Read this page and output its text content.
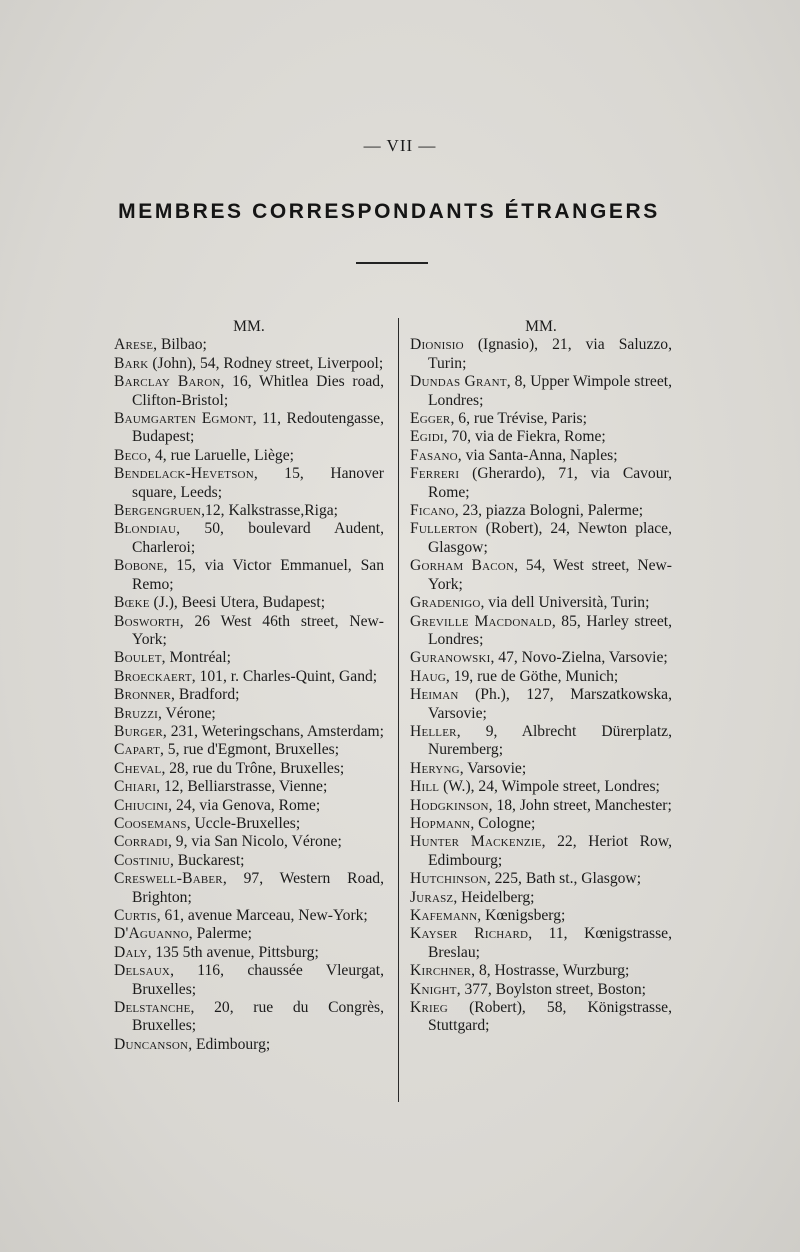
— VII —
MEMBRES CORRESPONDANTS ÉTRANGERS

MM.

Arese, Bilbao;

Bark (John), 54, Rodney street, Liverpool;

Barclay Baron, 16, Whitlea Dies road, Clifton-Bristol;

Baumgarten Egmont, 11, Redoutengasse, Budapest;

Beco, 4, rue Laruelle, Liège;

Bendelack-Hevetson, 15, Hanover square, Leeds;

Bergengruen,12, Kalkstrasse,Riga;

Blondiau, 50, boulevard Audent, Charleroi;

Bobone, 15, via Victor Emmanuel, San Remo;

Bœke (J.), Beesi Utera, Budapest;

Bosworth, 26 West 46th street, New-York;

Boulet, Montréal;

Broeckaert, 101, r. Charles-Quint, Gand;

Bronner, Bradford;

Bruzzi, Vérone;

Burger, 231, Weteringschans, Amsterdam;

Capart, 5, rue d'Egmont, Bruxelles;

Cheval, 28, rue du Trône, Bruxelles;

Chiari, 12, Belliarstrasse, Vienne;

Chiucini, 24, via Genova, Rome;

Coosemans, Uccle-Bruxelles;

Corradi, 9, via San Nicolo, Vérone;

Costiniu, Buckarest;

Creswell-Baber, 97, Western Road, Brighton;

Curtis, 61, avenue Marceau, New-York;

D'Aguanno, Palerme;

Daly, 135 5th avenue, Pittsburg;

Delsaux, 116, chaussée Vleurgat, Bruxelles;

Delstanche, 20, rue du Congrès, Bruxelles;

Duncanson, Edimbourg;

MM.

Dionisio (Ignasio), 21, via Saluzzo, Turin;

Dundas Grant, 8, Upper Wimpole street, Londres;

Egger, 6, rue Trévise, Paris;

Egidi, 70, via de Fiekra, Rome;

Fasano, via Santa-Anna, Naples;

Ferreri (Gherardo), 71, via Cavour, Rome;

Ficano, 23, piazza Bologni, Palerme;

Fullerton (Robert), 24, Newton place, Glasgow;

Gorham Bacon, 54, West street, New-York;

Gradenigo, via dell Università, Turin;

Greville Macdonald, 85, Harley street, Londres;

Guranowski, 47, Novo-Zielna, Varsovie;

Haug, 19, rue de Göthe, Munich;

Heiman (Ph.), 127, Marszatkowska, Varsovie;

Heller, 9, Albrecht Dürerplatz, Nuremberg;

Heryng, Varsovie;

Hill (W.), 24, Wimpole street, Londres;

Hodgkinson, 18, John street, Manchester;

Hopmann, Cologne;

Hunter Mackenzie, 22, Heriot Row, Edimbourg;

Hutchinson, 225, Bath st., Glasgow;

Jurasz, Heidelberg;

Kafemann, Kœnigsberg;

Kayser Richard, 11, Kœnigstrasse, Breslau;

Kirchner, 8, Hostrasse, Wurzburg;

Knight, 377, Boylston street, Boston;

Krieg (Robert), 58, Königstrasse, Stuttgard;
